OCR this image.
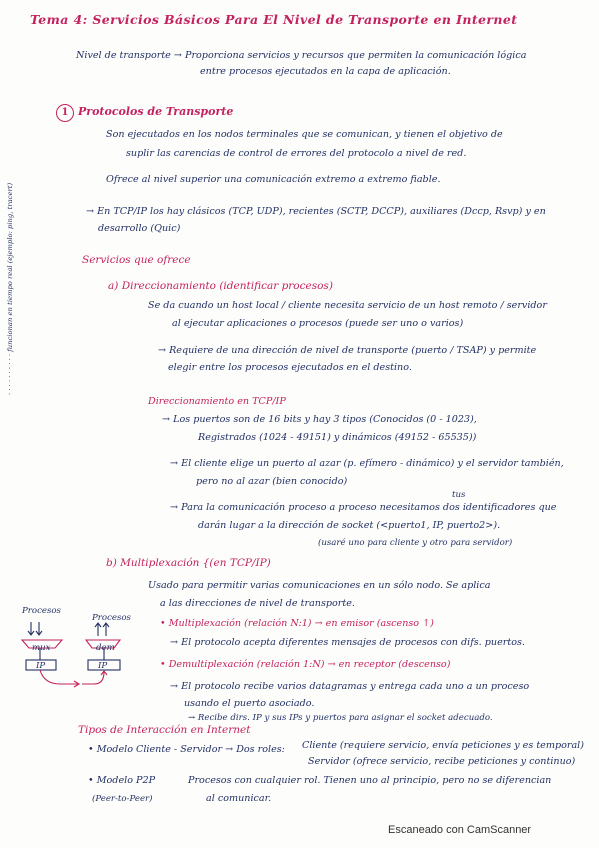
· · · · · · · · · · funcionan en tiempo real (ejemplo: ping, tracert)
Tema 4: Servicios Básicos Para El Nivel de Transporte en Internet
Nivel de transporte → Proporciona servicios y recursos que permiten la comunicación lógica
entre procesos ejecutados en la capa de aplicación.
1 Protocolos de Transporte
Son ejecutados en los nodos terminales que se comunican, y tienen el objetivo de
suplir las carencias de control de errores del protocolo a nivel de red.
Ofrece al nivel superior una comunicación extremo a extremo fiable.
→ En TCP/IP los hay clásicos (TCP, UDP), recientes (SCTP, DCCP), auxiliares (Dccp, Rsvp) y en
desarrollo (Quic)
Servicios que ofrece
a) Direccionamiento (identificar procesos)
Se da cuando un host local / cliente necesita servicio de un host remoto / servidor
al ejecutar aplicaciones o procesos (puede ser uno o varios)
→ Requiere de una dirección de nivel de transporte (puerto / TSAP) y permite
elegir entre los procesos ejecutados en el destino.
Direccionamiento en TCP/IP
→ Los puertos son de 16 bits y hay 3 tipos (Conocidos (0 - 1023),
Registrados (1024 - 49151) y dinámicos (49152 - 65535))
→ El cliente elige un puerto al azar (p. efímero - dinámico) y el servidor también,
pero no al azar (bien conocido)
tus
→ Para la comunicación proceso a proceso necesitamos dos identificadores que
darán lugar a la dirección de socket (<puerto1, IP, puerto2>).
(usaré uno para cliente y otro para servidor)
b) Multiplexación {(en TCP/IP)
Usado para permitir varias comunicaciones en un sólo nodo. Se aplica
a las direcciones de nivel de transporte.
• Multiplexación (relación N:1) → en emisor (ascenso ↑)
→ El protocolo acepta diferentes mensajes de procesos con difs. puertos.
• Demultiplexación (relación 1:N) → en receptor (descenso)
→ El protocolo recibe varios datagramas y entrega cada uno a un proceso
usando el puerto asociado.
→ Recibe dirs. IP y sus IPs y puertos para asignar el socket adecuado.
Procesos
Procesos
mux	dem
IP	IP
Tipos de Interacción en Internet
• Modelo Cliente - Servidor → Dos roles: Cliente (requiere servicio, envía peticiones y es temporal)
Servidor (ofrece servicio, recibe peticiones y continuo)
• Modelo P2P
(Peer-to-Peer)
Procesos con cualquier rol. Tienen uno al principio, pero no se diferencian
al comunicar.
Escaneado con CamScanner
